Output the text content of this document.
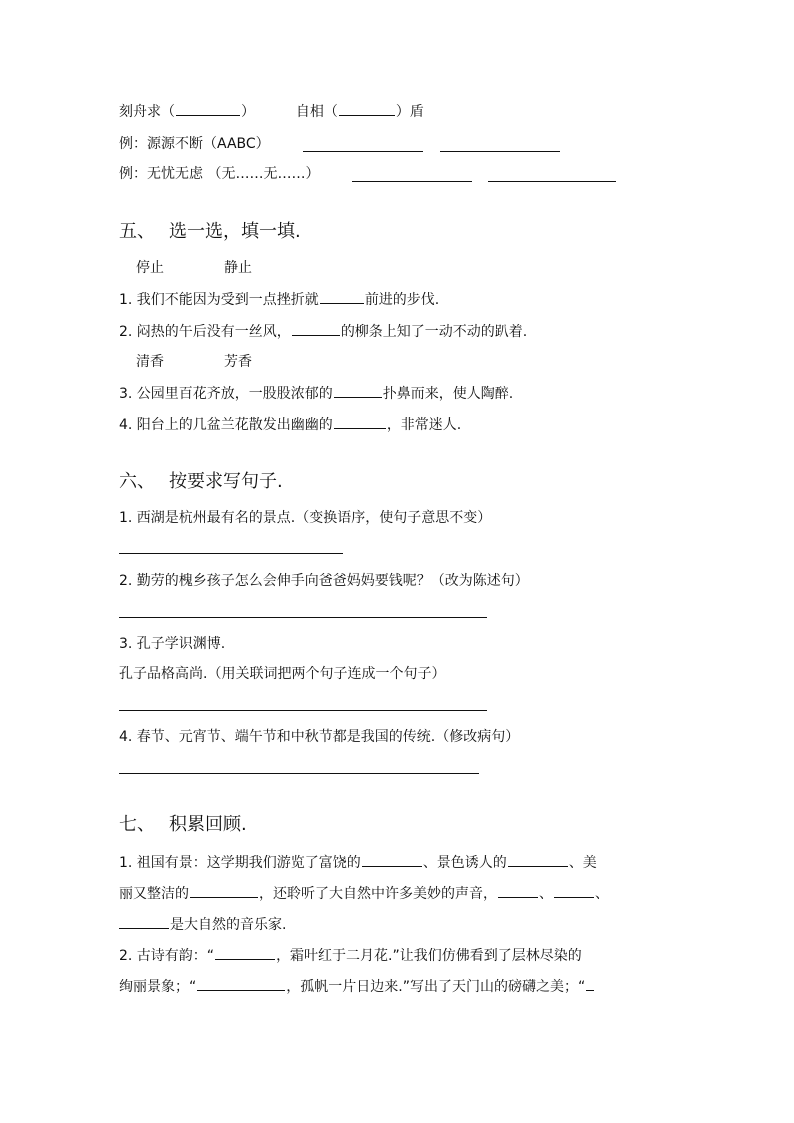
刻舟求（	）	自相（	）盾
例：源源不断（AABC）
例：无忧无虑 （无……无……）
五、 选一选，填一填.
停止	静止
1. 我们不能因为受到一点挫折就	前进的步伐.
2. 闷热的午后没有一丝风，	的柳条上知了一动不动的趴着.
清香	芳香
3. 公园里百花齐放，一股股浓郁的	扑鼻而来，使人陶醉.
4. 阳台上的几盆兰花散发出幽幽的	，非常迷人.
六、 按要求写句子.
1. 西湖是杭州最有名的景点.（变换语序，使句子意思不变）
2. 勤劳的槐乡孩子怎么会伸手向爸爸妈妈要钱呢？（改为陈述句）
3. 孔子学识渊博.
孔子品格高尚.（用关联词把两个句子连成一个句子）
4. 春节、元宵节、端午节和中秋节都是我国的传统.（修改病句）
七、 积累回顾.
1. 祖国有景：这学期我们游览了富饶的	、景色诱人的	、美
丽又整洁的	，还聆听了大自然中许多美妙的声音，	、	、
是大自然的音乐家.
2. 古诗有韵：“	，霜叶红于二月花.”让我们仿佛看到了层林尽染的
绚丽景象；“	，孤帆一片日边来.”写出了天门山的磅礴之美；“
